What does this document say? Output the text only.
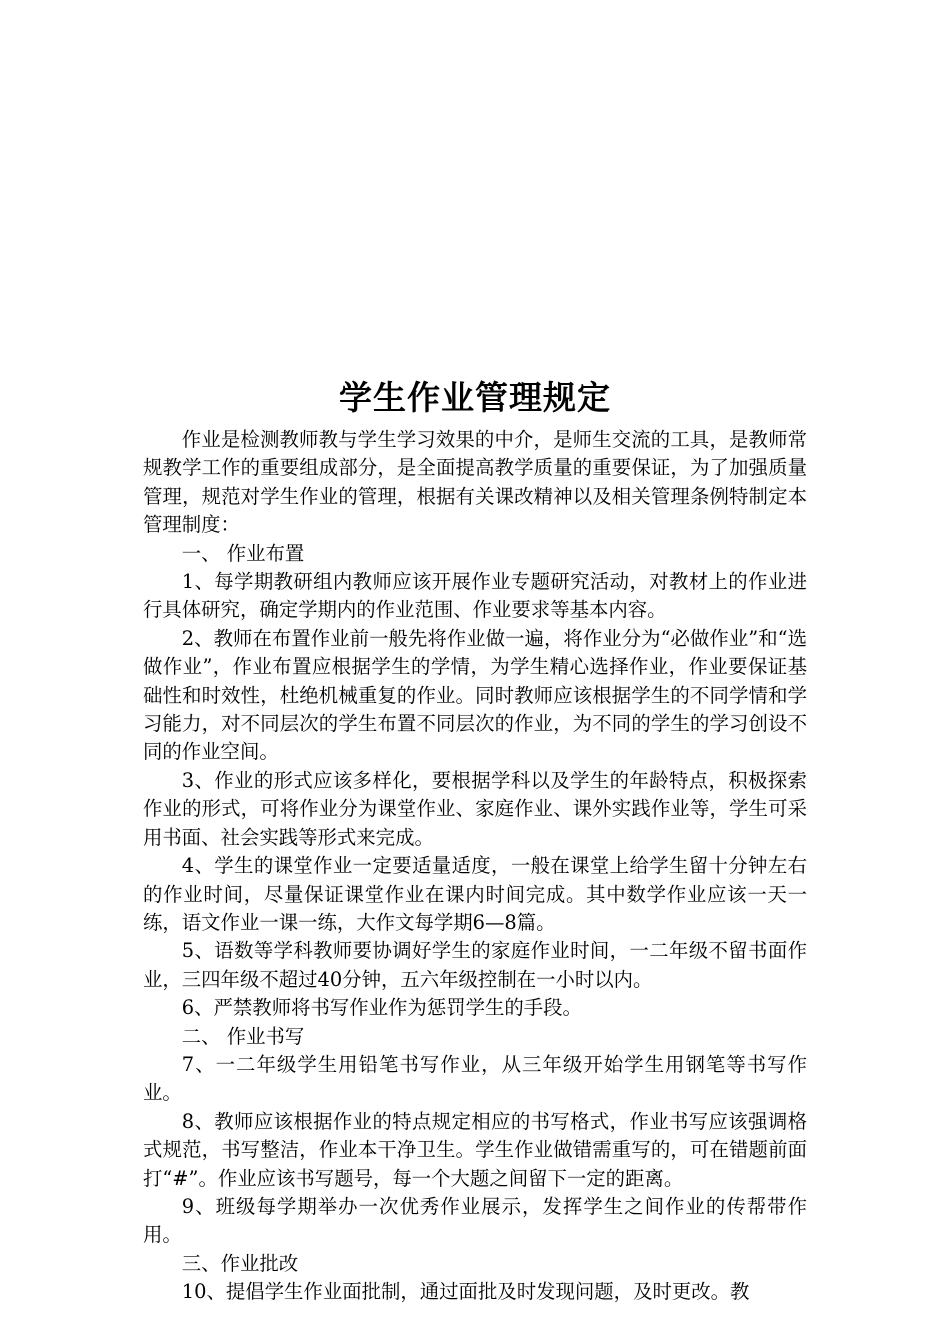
学生作业管理规定

作业是检测教师教与学生学习效果的中介，是师生交流的工具，是教师常规教学工作的重要组成部分，是全面提高教学质量的重要保证，为了加强质量管理，规范对学生作业的管理，根据有关课改精神以及相关管理条例特制定本管理制度：

一、 作业布置

1、每学期教研组内教师应该开展作业专题研究活动，对教材上的作业进行具体研究，确定学期内的作业范围、作业要求等基本内容。

2、教师在布置作业前一般先将作业做一遍，将作业分为“必做作业”和“选做作业”，作业布置应根据学生的学情，为学生精心选择作业，作业要保证基础性和时效性，杜绝机械重复的作业。同时教师应该根据学生的不同学情和学习能力，对不同层次的学生布置不同层次的作业，为不同的学生的学习创设不同的作业空间。

3、作业的形式应该多样化，要根据学科以及学生的年龄特点，积极探索作业的形式，可将作业分为课堂作业、家庭作业、课外实践作业等，学生可采用书面、社会实践等形式来完成。

4、学生的课堂作业一定要适量适度，一般在课堂上给学生留十分钟左右的作业时间，尽量保证课堂作业在课内时间完成。其中数学作业应该一天一练，语文作业一课一练，大作文每学期6—8篇。

5、语数等学科教师要协调好学生的家庭作业时间，一二年级不留书面作业，三四年级不超过40分钟，五六年级控制在一小时以内。

6、严禁教师将书写作业作为惩罚学生的手段。

二、 作业书写

7、一二年级学生用铅笔书写作业，从三年级开始学生用钢笔等书写作业。

8、教师应该根据作业的特点规定相应的书写格式，作业书写应该强调格式规范，书写整洁，作业本干净卫生。学生作业做错需重写的，可在错题前面打“#”。作业应该书写题号，每一个大题之间留下一定的距离。

9、班级每学期举办一次优秀作业展示，发挥学生之间作业的传帮带作用。

三、作业批改

10、提倡学生作业面批制，通过面批及时发现问题，及时更改。教
